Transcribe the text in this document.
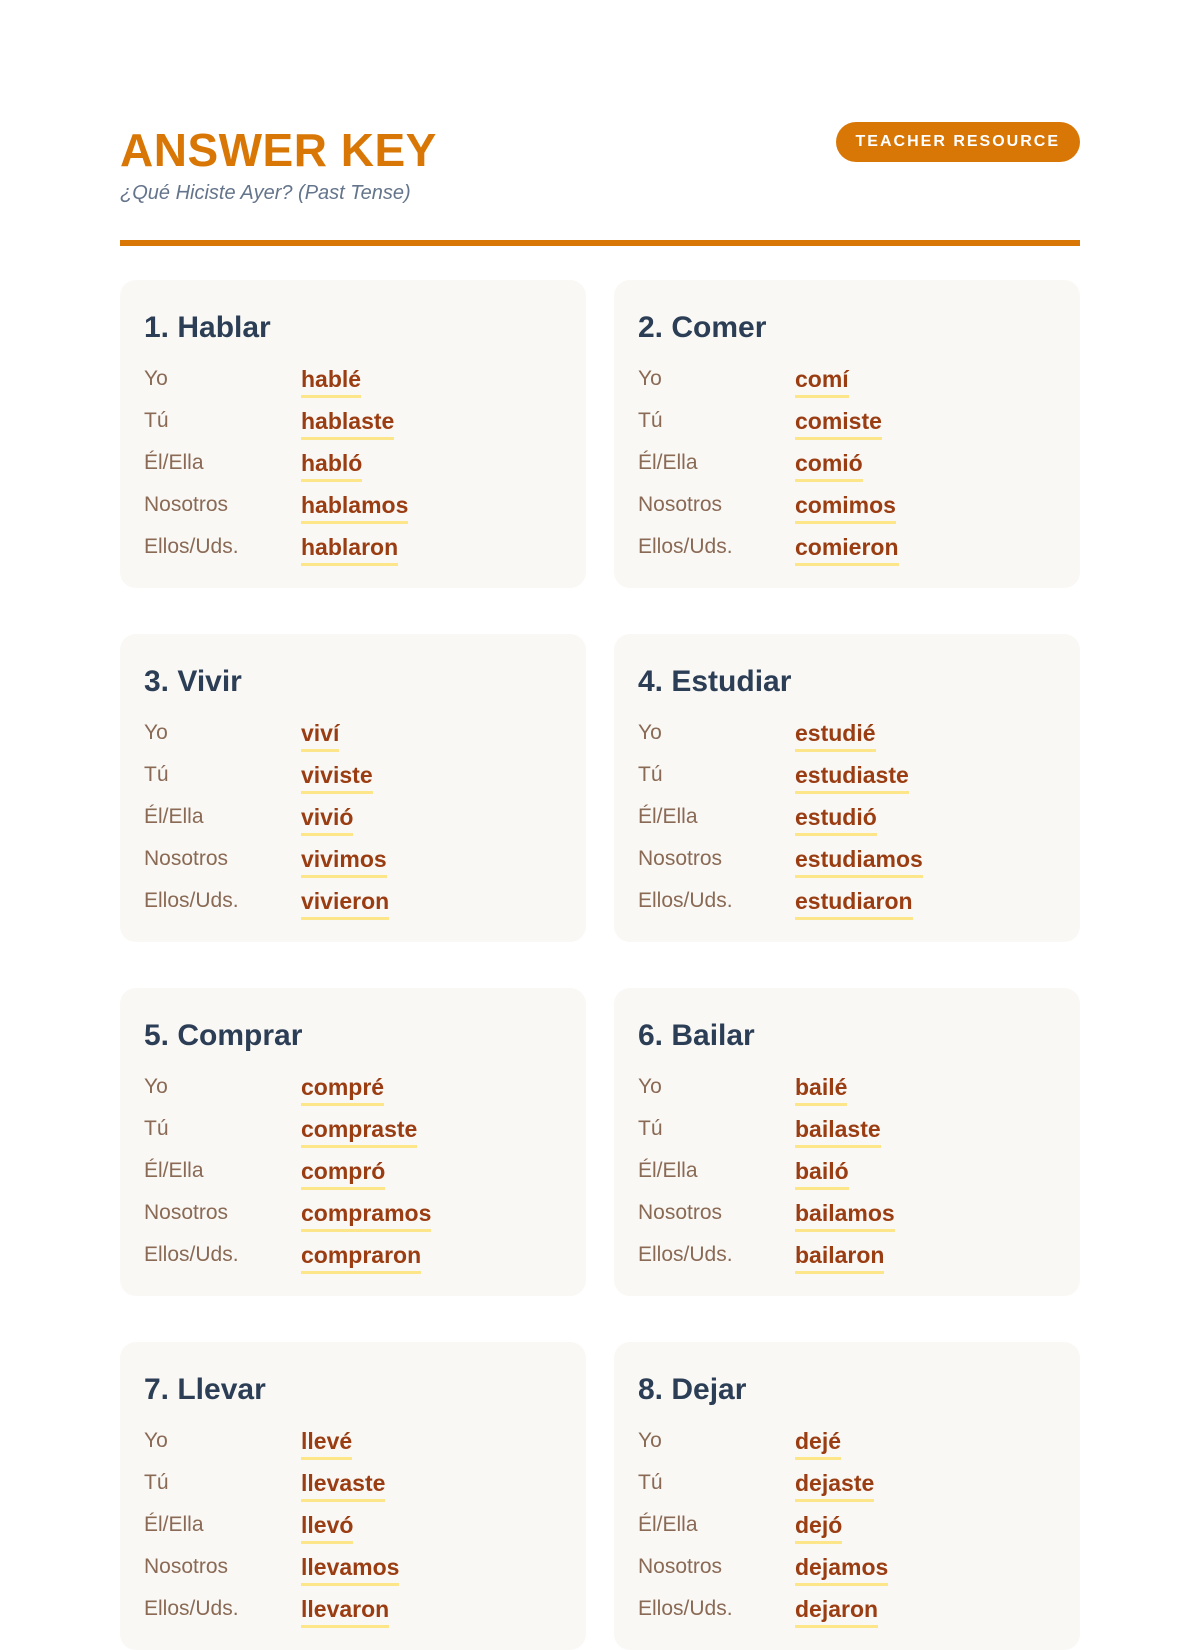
ANSWER KEY
¿Qué Hiciste Ayer? (Past Tense)
TEACHER RESOURCE
1. Hablar
Yo	hablé
Tú	hablaste
Él/Ella	habló
Nosotros	hablamos
Ellos/Uds.	hablaron
2. Comer
Yo	comí
Tú	comiste
Él/Ella	comió
Nosotros	comimos
Ellos/Uds.	comieron
3. Vivir
Yo	viví
Tú	viviste
Él/Ella	vivió
Nosotros	vivimos
Ellos/Uds.	vivieron
4. Estudiar
Yo	estudié
Tú	estudiaste
Él/Ella	estudió
Nosotros	estudiamos
Ellos/Uds.	estudiaron
5. Comprar
Yo	compré
Tú	compraste
Él/Ella	compró
Nosotros	compramos
Ellos/Uds.	compraron
6. Bailar
Yo	bailé
Tú	bailaste
Él/Ella	bailó
Nosotros	bailamos
Ellos/Uds.	bailaron
7. Llevar
Yo	llevé
Tú	llevaste
Él/Ella	llevó
Nosotros	llevamos
Ellos/Uds.	llevaron
8. Dejar
Yo	dejé
Tú	dejaste
Él/Ella	dejó
Nosotros	dejamos
Ellos/Uds.	dejaron
